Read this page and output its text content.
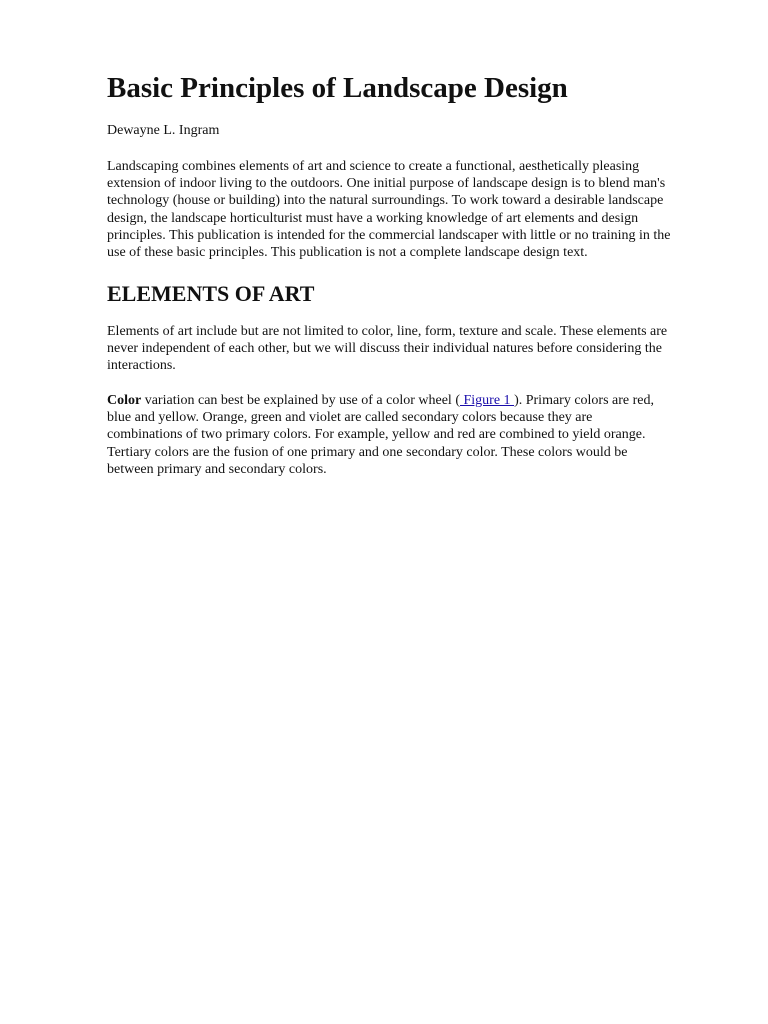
Basic Principles of Landscape Design

Dewayne L. Ingram

Landscaping combines elements of art and science to create a functional, aesthetically pleasing
extension of indoor living to the outdoors. One initial purpose of landscape design is to blend man's
technology (house or building) into the natural surroundings. To work toward a desirable landscape
design, the landscape horticulturist must have a working knowledge of art elements and design
principles. This publication is intended for the commercial landscaper with little or no training in the
use of these basic principles. This publication is not a complete landscape design text.

ELEMENTS OF ART

Elements of art include but are not limited to color, line, form, texture and scale. These elements are
never independent of each other, but we will discuss their individual natures before considering the
interactions.

Color variation can best be explained by use of a color wheel ( Figure 1 ). Primary colors are red,
blue and yellow. Orange, green and violet are called secondary colors because they are
combinations of two primary colors. For example, yellow and red are combined to yield orange.
Tertiary colors are the fusion of one primary and one secondary color. These colors would be
between primary and secondary colors.
